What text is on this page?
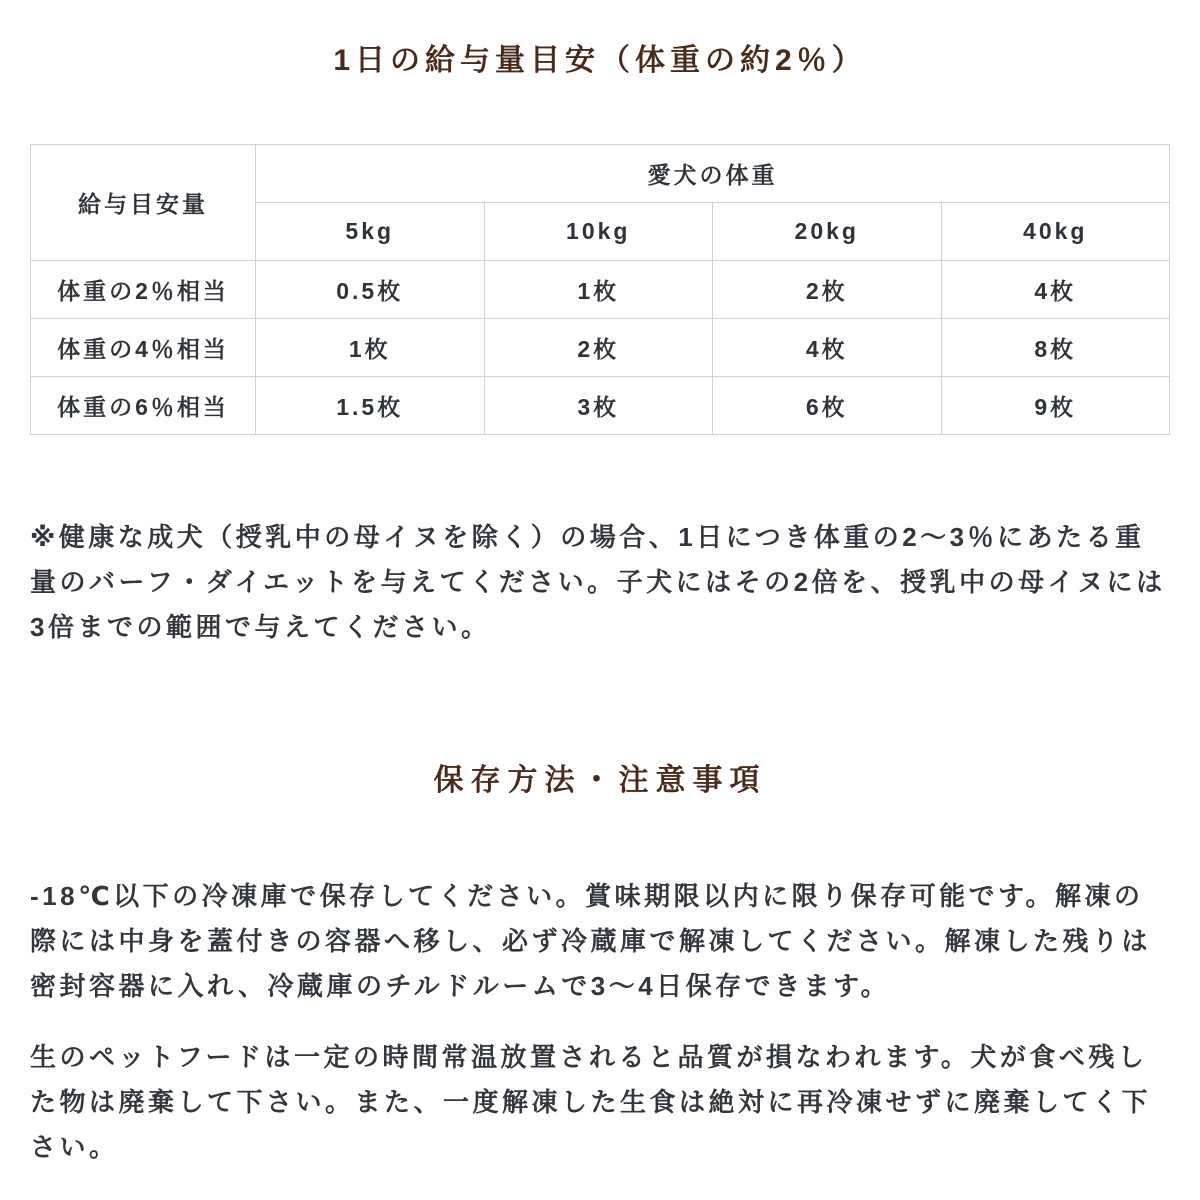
1日の給与量目安（体重の約2％）
給与目安量	愛犬の体重			
	5kg	10kg	20kg	40kg
体重の2％相当	0.5枚	1枚	2枚	4枚
体重の4％相当	1枚	2枚	4枚	8枚
体重の6％相当	1.5枚	3枚	6枚	9枚

※健康な成犬（授乳中の母イヌを除く）の場合、1日につき体重の2～3％にあたる重量のバーフ・ダイエットを与えてください。子犬にはその2倍を、授乳中の母イヌには3倍までの範囲で与えてください。

保存方法・注意事項

-18℃以下の冷凍庫で保存してください。賞味期限以内に限り保存可能です。解凍の際には中身を蓋付きの容器へ移し、必ず冷蔵庫で解凍してください。解凍した残りは密封容器に入れ、冷蔵庫のチルドルームで3～4日保存できます。

生のペットフードは一定の時間常温放置されると品質が損なわれます。犬が食べ残した物は廃棄して下さい。また、一度解凍した生食は絶対に再冷凍せずに廃棄してく下さい。
